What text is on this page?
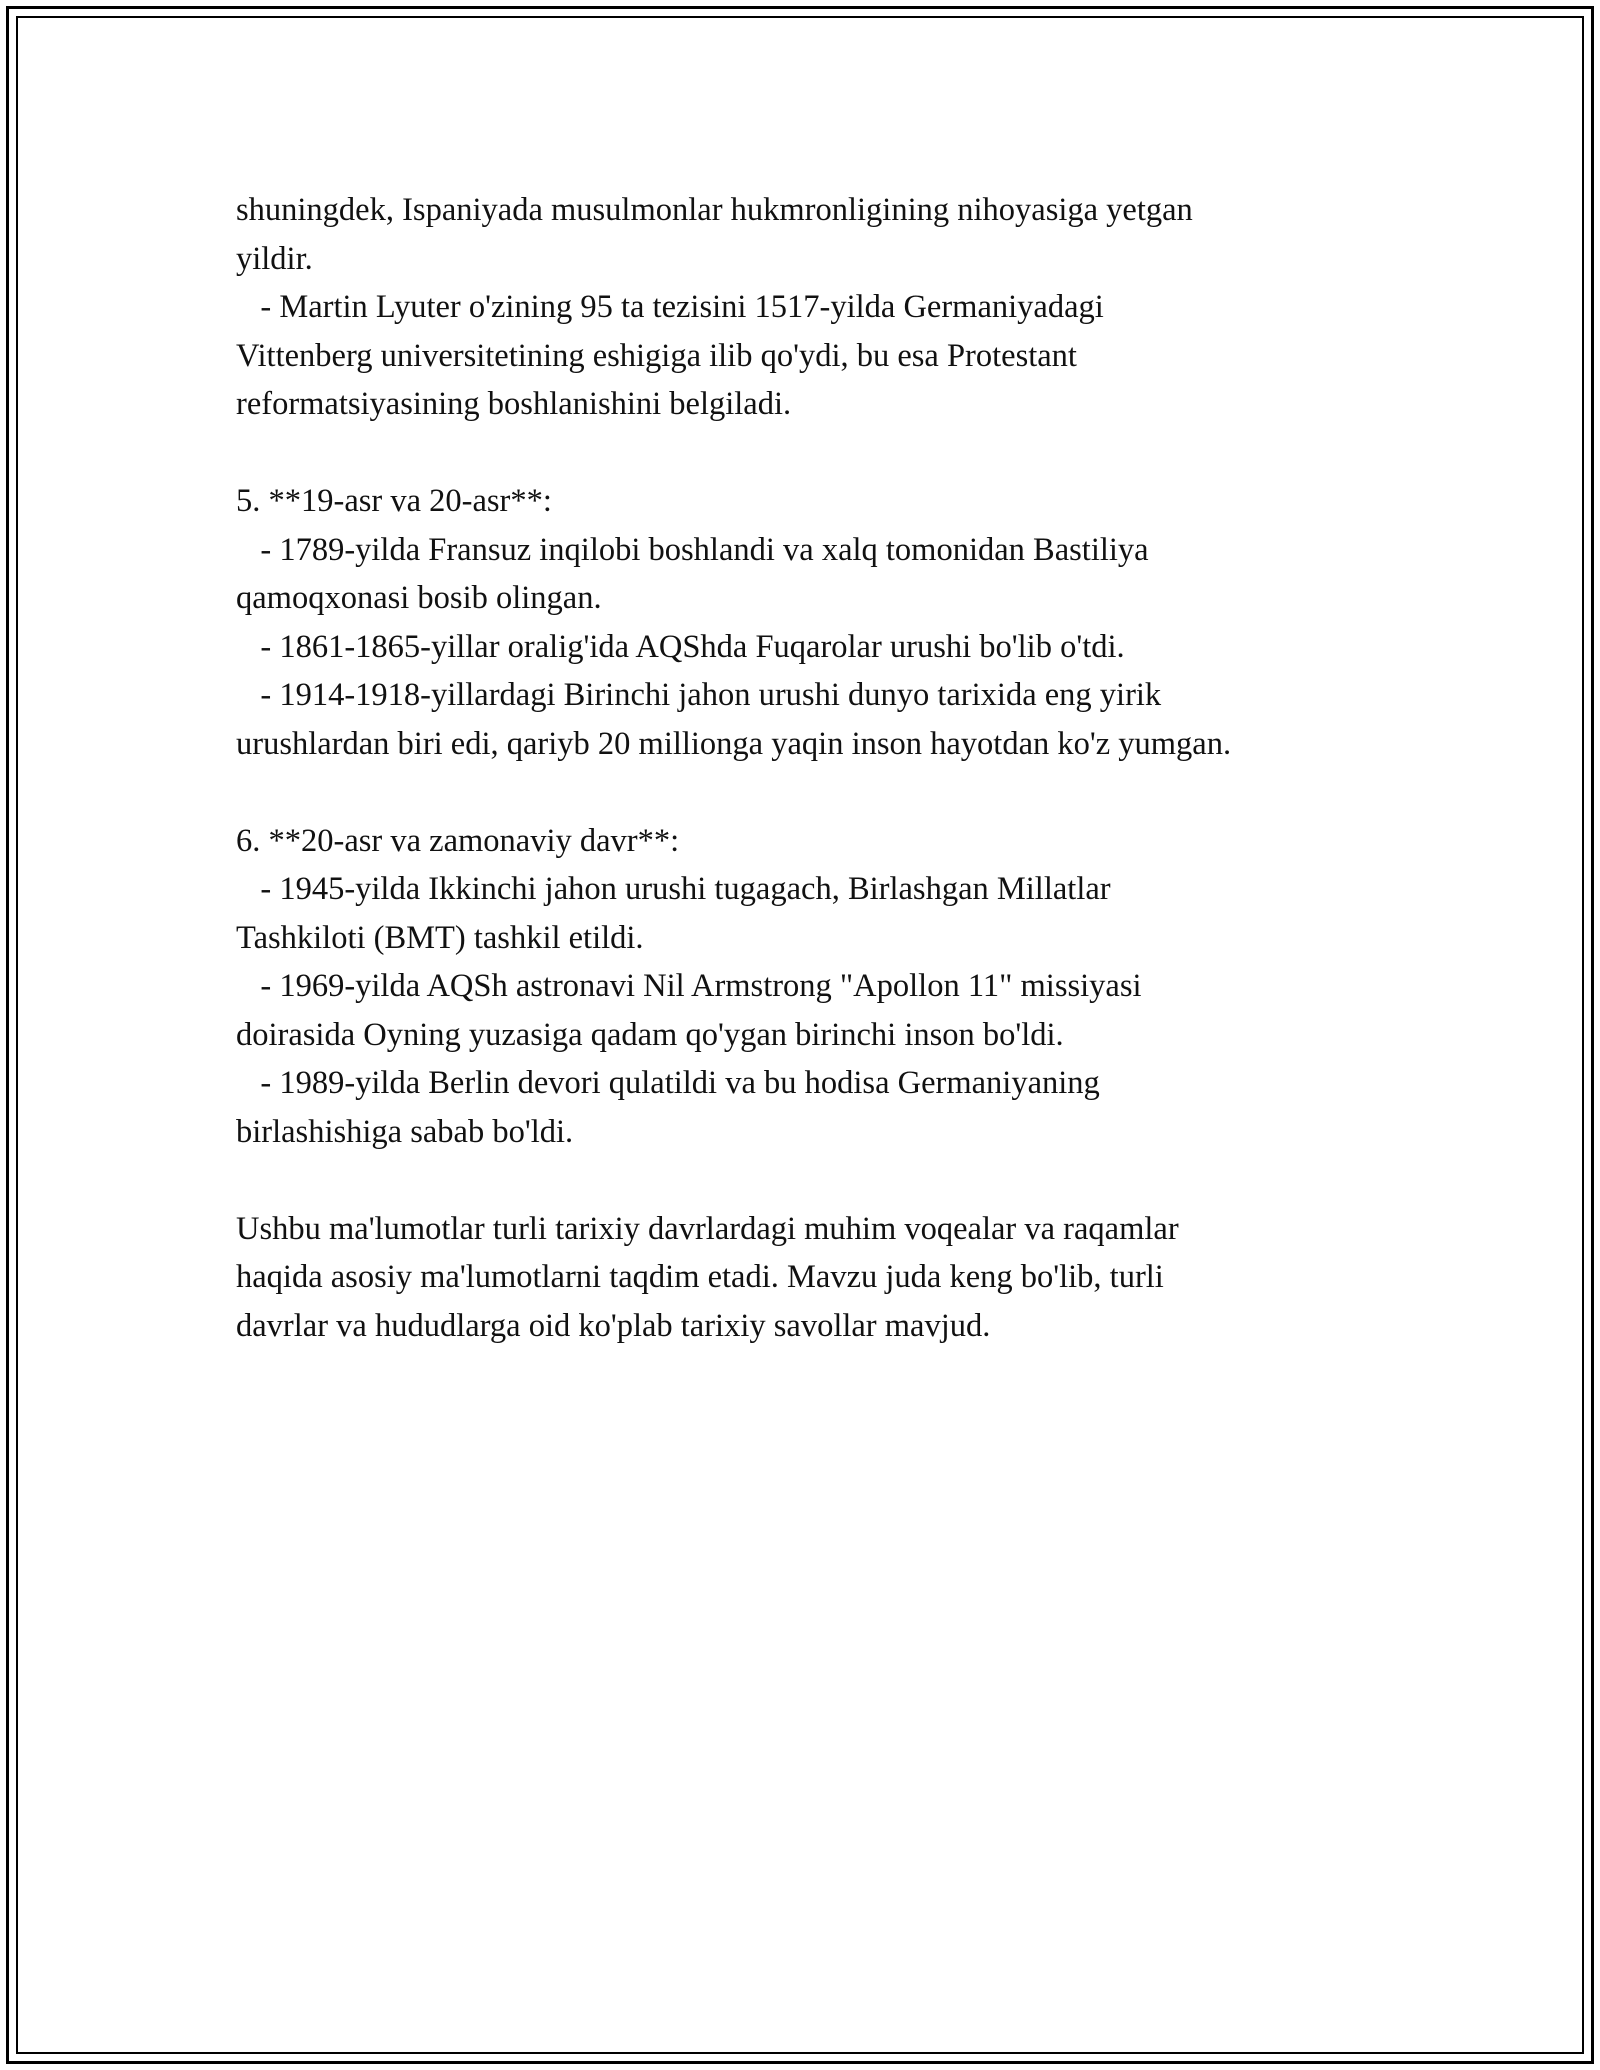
shuningdek, Ispaniyada musulmonlar hukmronligining nihoyasiga yetgan
yildir.
- Martin Lyuter o'zining 95 ta tezisini 1517-yilda Germaniyadagi
Vittenberg universitetining eshigiga ilib qo'ydi, bu esa Protestant
reformatsiyasining boshlanishini belgiladi.
5. **19-asr va 20-asr**:
- 1789-yilda Fransuz inqilobi boshlandi va xalq tomonidan Bastiliya
qamoqxonasi bosib olingan.
- 1861-1865-yillar oralig'ida AQShda Fuqarolar urushi bo'lib o'tdi.
- 1914-1918-yillardagi Birinchi jahon urushi dunyo tarixida eng yirik
urushlardan biri edi, qariyb 20 millionga yaqin inson hayotdan ko'z yumgan.
6. **20-asr va zamonaviy davr**:
- 1945-yilda Ikkinchi jahon urushi tugagach, Birlashgan Millatlar
Tashkiloti (BMT) tashkil etildi.
- 1969-yilda AQSh astronavi Nil Armstrong "Apollon 11" missiyasi
doirasida Oyning yuzasiga qadam qo'ygan birinchi inson bo'ldi.
- 1989-yilda Berlin devori qulatildi va bu hodisa Germaniyaning
birlashishiga sabab bo'ldi.
Ushbu ma'lumotlar turli tarixiy davrlardagi muhim voqealar va raqamlar
haqida asosiy ma'lumotlarni taqdim etadi. Mavzu juda keng bo'lib, turli
davrlar va hududlarga oid ko'plab tarixiy savollar mavjud.
